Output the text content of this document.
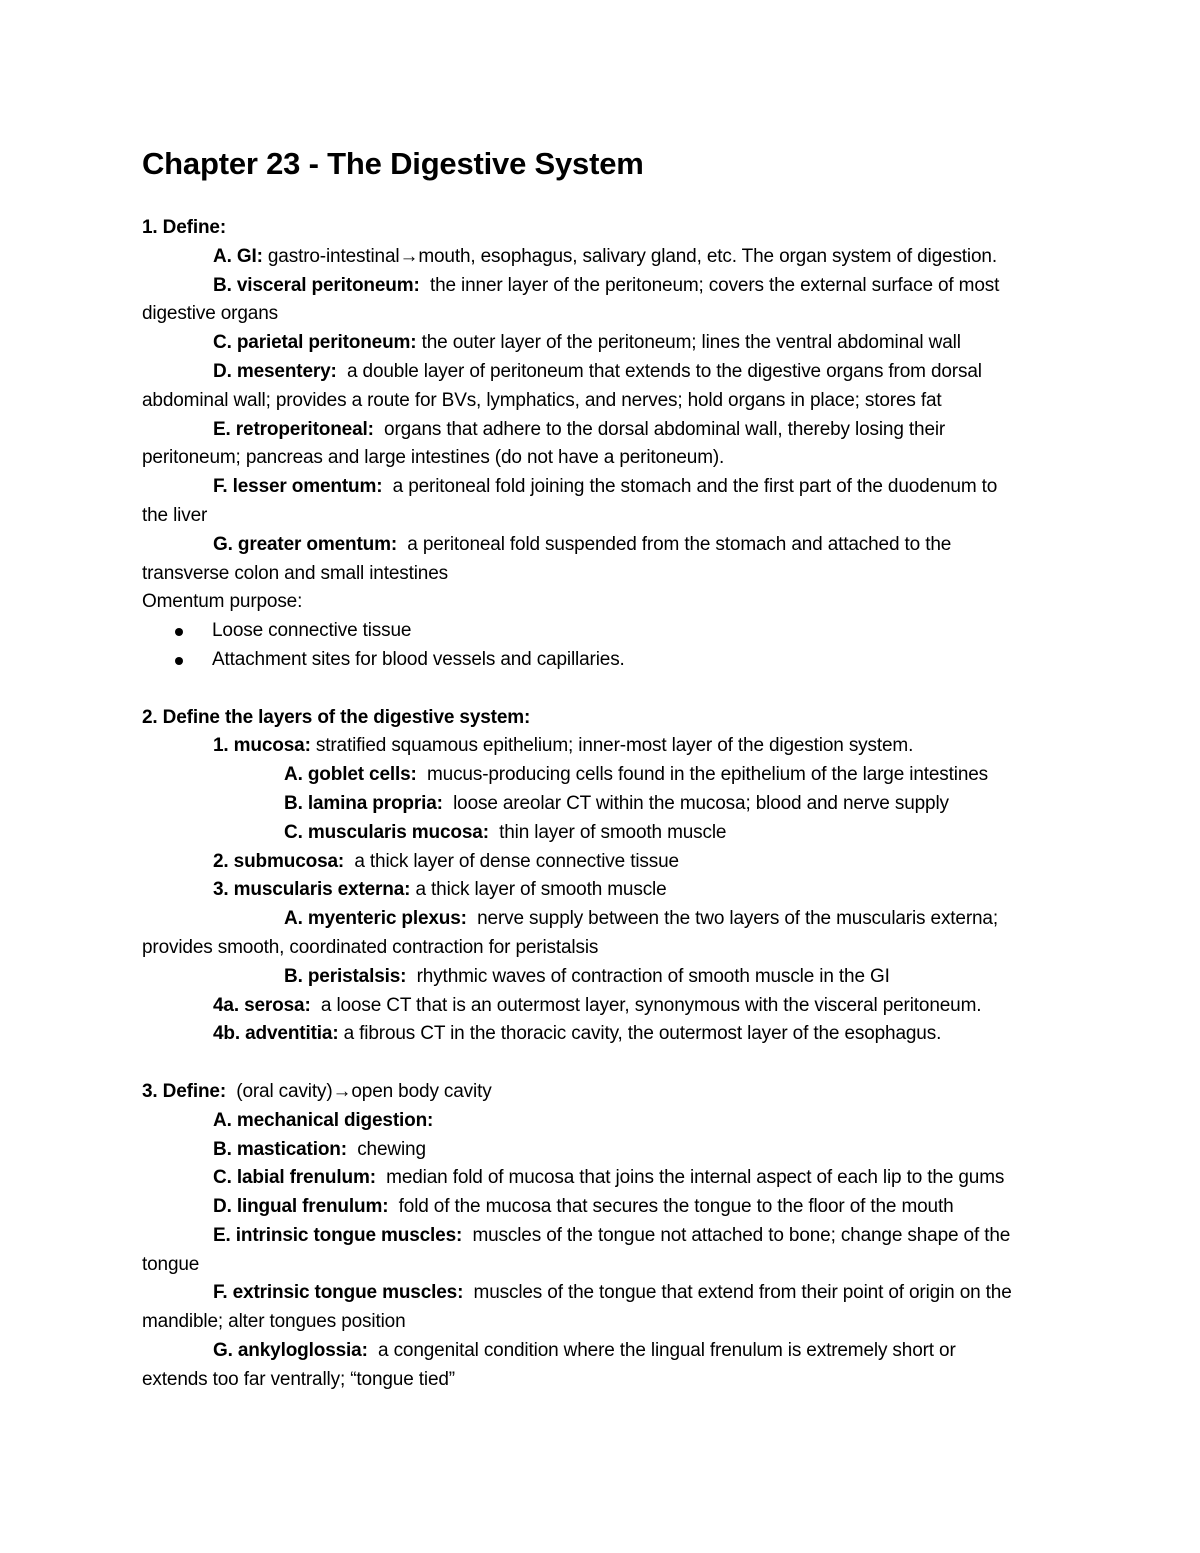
Chapter 23 - The Digestive System
1. Define:
A. GI: gastro-intestinal→mouth, esophagus, salivary gland, etc. The organ system of digestion.
B. visceral peritoneum:  the inner layer of the peritoneum; covers the external surface of most
digestive organs
C. parietal peritoneum: the outer layer of the peritoneum; lines the ventral abdominal wall
D. mesentery:  a double layer of peritoneum that extends to the digestive organs from dorsal
abdominal wall; provides a route for BVs, lymphatics, and nerves; hold organs in place; stores fat
E. retroperitoneal:  organs that adhere to the dorsal abdominal wall, thereby losing their
peritoneum; pancreas and large intestines (do not have a peritoneum).
F. lesser omentum:  a peritoneal fold joining the stomach and the first part of the duodenum to
the liver
G. greater omentum:  a peritoneal fold suspended from the stomach and attached to the
transverse colon and small intestines
Omentum purpose:
Loose connective tissue
Attachment sites for blood vessels and capillaries.
2. Define the layers of the digestive system:
1. mucosa: stratified squamous epithelium; inner-most layer of the digestion system.
A. goblet cells:  mucus-producing cells found in the epithelium of the large intestines
B. lamina propria:  loose areolar CT within the mucosa; blood and nerve supply
C. muscularis mucosa:  thin layer of smooth muscle
2. submucosa:  a thick layer of dense connective tissue
3. muscularis externa: a thick layer of smooth muscle
A. myenteric plexus:  nerve supply between the two layers of the muscularis externa;
provides smooth, coordinated contraction for peristalsis
B. peristalsis:  rhythmic waves of contraction of smooth muscle in the GI
4a. serosa:  a loose CT that is an outermost layer, synonymous with the visceral peritoneum.
4b. adventitia: a fibrous CT in the thoracic cavity, the outermost layer of the esophagus.
3. Define:  (oral cavity)→open body cavity
A. mechanical digestion:
B. mastication:  chewing
C. labial frenulum:  median fold of mucosa that joins the internal aspect of each lip to the gums
D. lingual frenulum:  fold of the mucosa that secures the tongue to the floor of the mouth
E. intrinsic tongue muscles:  muscles of the tongue not attached to bone; change shape of the
tongue
F. extrinsic tongue muscles:  muscles of the tongue that extend from their point of origin on the
mandible; alter tongues position
G. ankyloglossia:  a congenital condition where the lingual frenulum is extremely short or
extends too far ventrally; “tongue tied”
